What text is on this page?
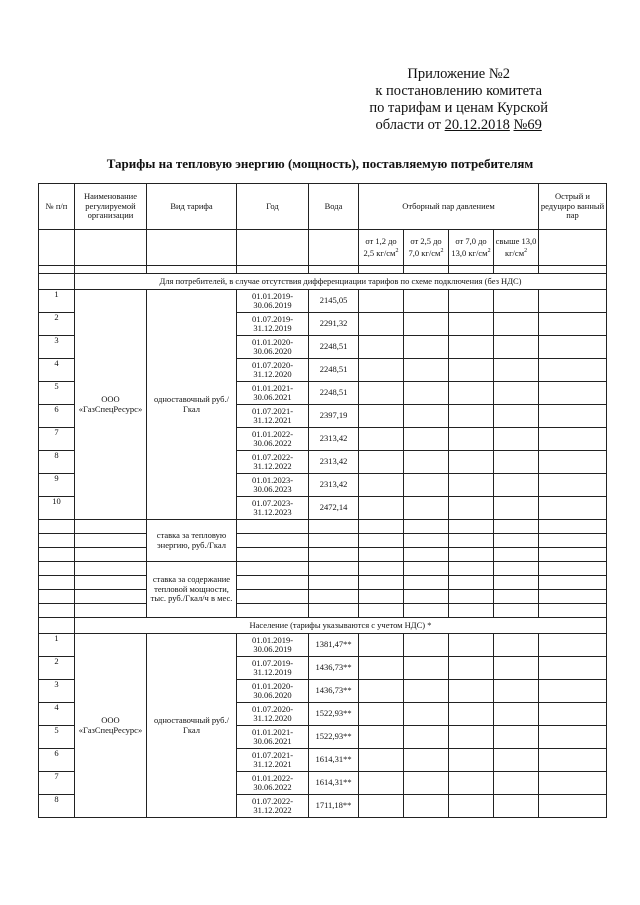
Приложение №2
к постановлению комитета
по тарифам и ценам Курской
области от 20.12.2018 №69
Тарифы на тепловую энергию (мощность), поставляемую потребителям
№ п/п	Наименование регулируемой организации	Вид тарифа	Год	Вода	Отборный пар давлением				Острый и редуциро ванный пар
					от 1,2 до 2,5 $кг/см^2$	от 2,5 до 7,0 $кг/см^2$	от 7,0 до 13,0 $кг/см^2$	свыше 13,0 $кг/см^2$	

	Для потребителей, в случае отсутствия дифференциации тарифов по схеме подключения (без НДС)								
1	ООО «ГазСпецРесурс»	одноставочный руб./Гкал	01.01.2019-30.06.2019	2145,05					
2			01.07.2019-31.12.2019	2291,32					
3			01.01.2020-30.06.2020	2248,51					
4			01.07.2020-31.12.2020	2248,51					
5			01.01.2021-30.06.2021	2248,51					
6			01.07.2021-31.12.2021	2397,19					
7			01.01.2022-30.06.2022	2313,42					
8			01.07.2022-31.12.2022	2313,42					
9			01.01.2023-30.06.2023	2313,42					
10			01.07.2023-31.12.2023	2472,14					
		ставка за тепловую энергию, руб./Гкал							

		ставка за содержание тепловой мощности, тыс. руб./Гкал/ч в мес.							

	Население (тарифы указываются с учетом НДС) *								
1	ООО «ГазСпецРесурс»	одноставочный руб./Гкал	01.01.2019-30.06.2019	1381,47**					
2			01.07.2019-31.12.2019	1436,73**					
3			01.01.2020-30.06.2020	1436,73**					
4			01.07.2020-31.12.2020	1522,93**					
5			01.01.2021-30.06.2021	1522,93**					
6			01.07.2021-31.12.2021	1614,31**					
7			01.01.2022-30.06.2022	1614,31**					
8			01.07.2022-31.12.2022	1711,18**					
